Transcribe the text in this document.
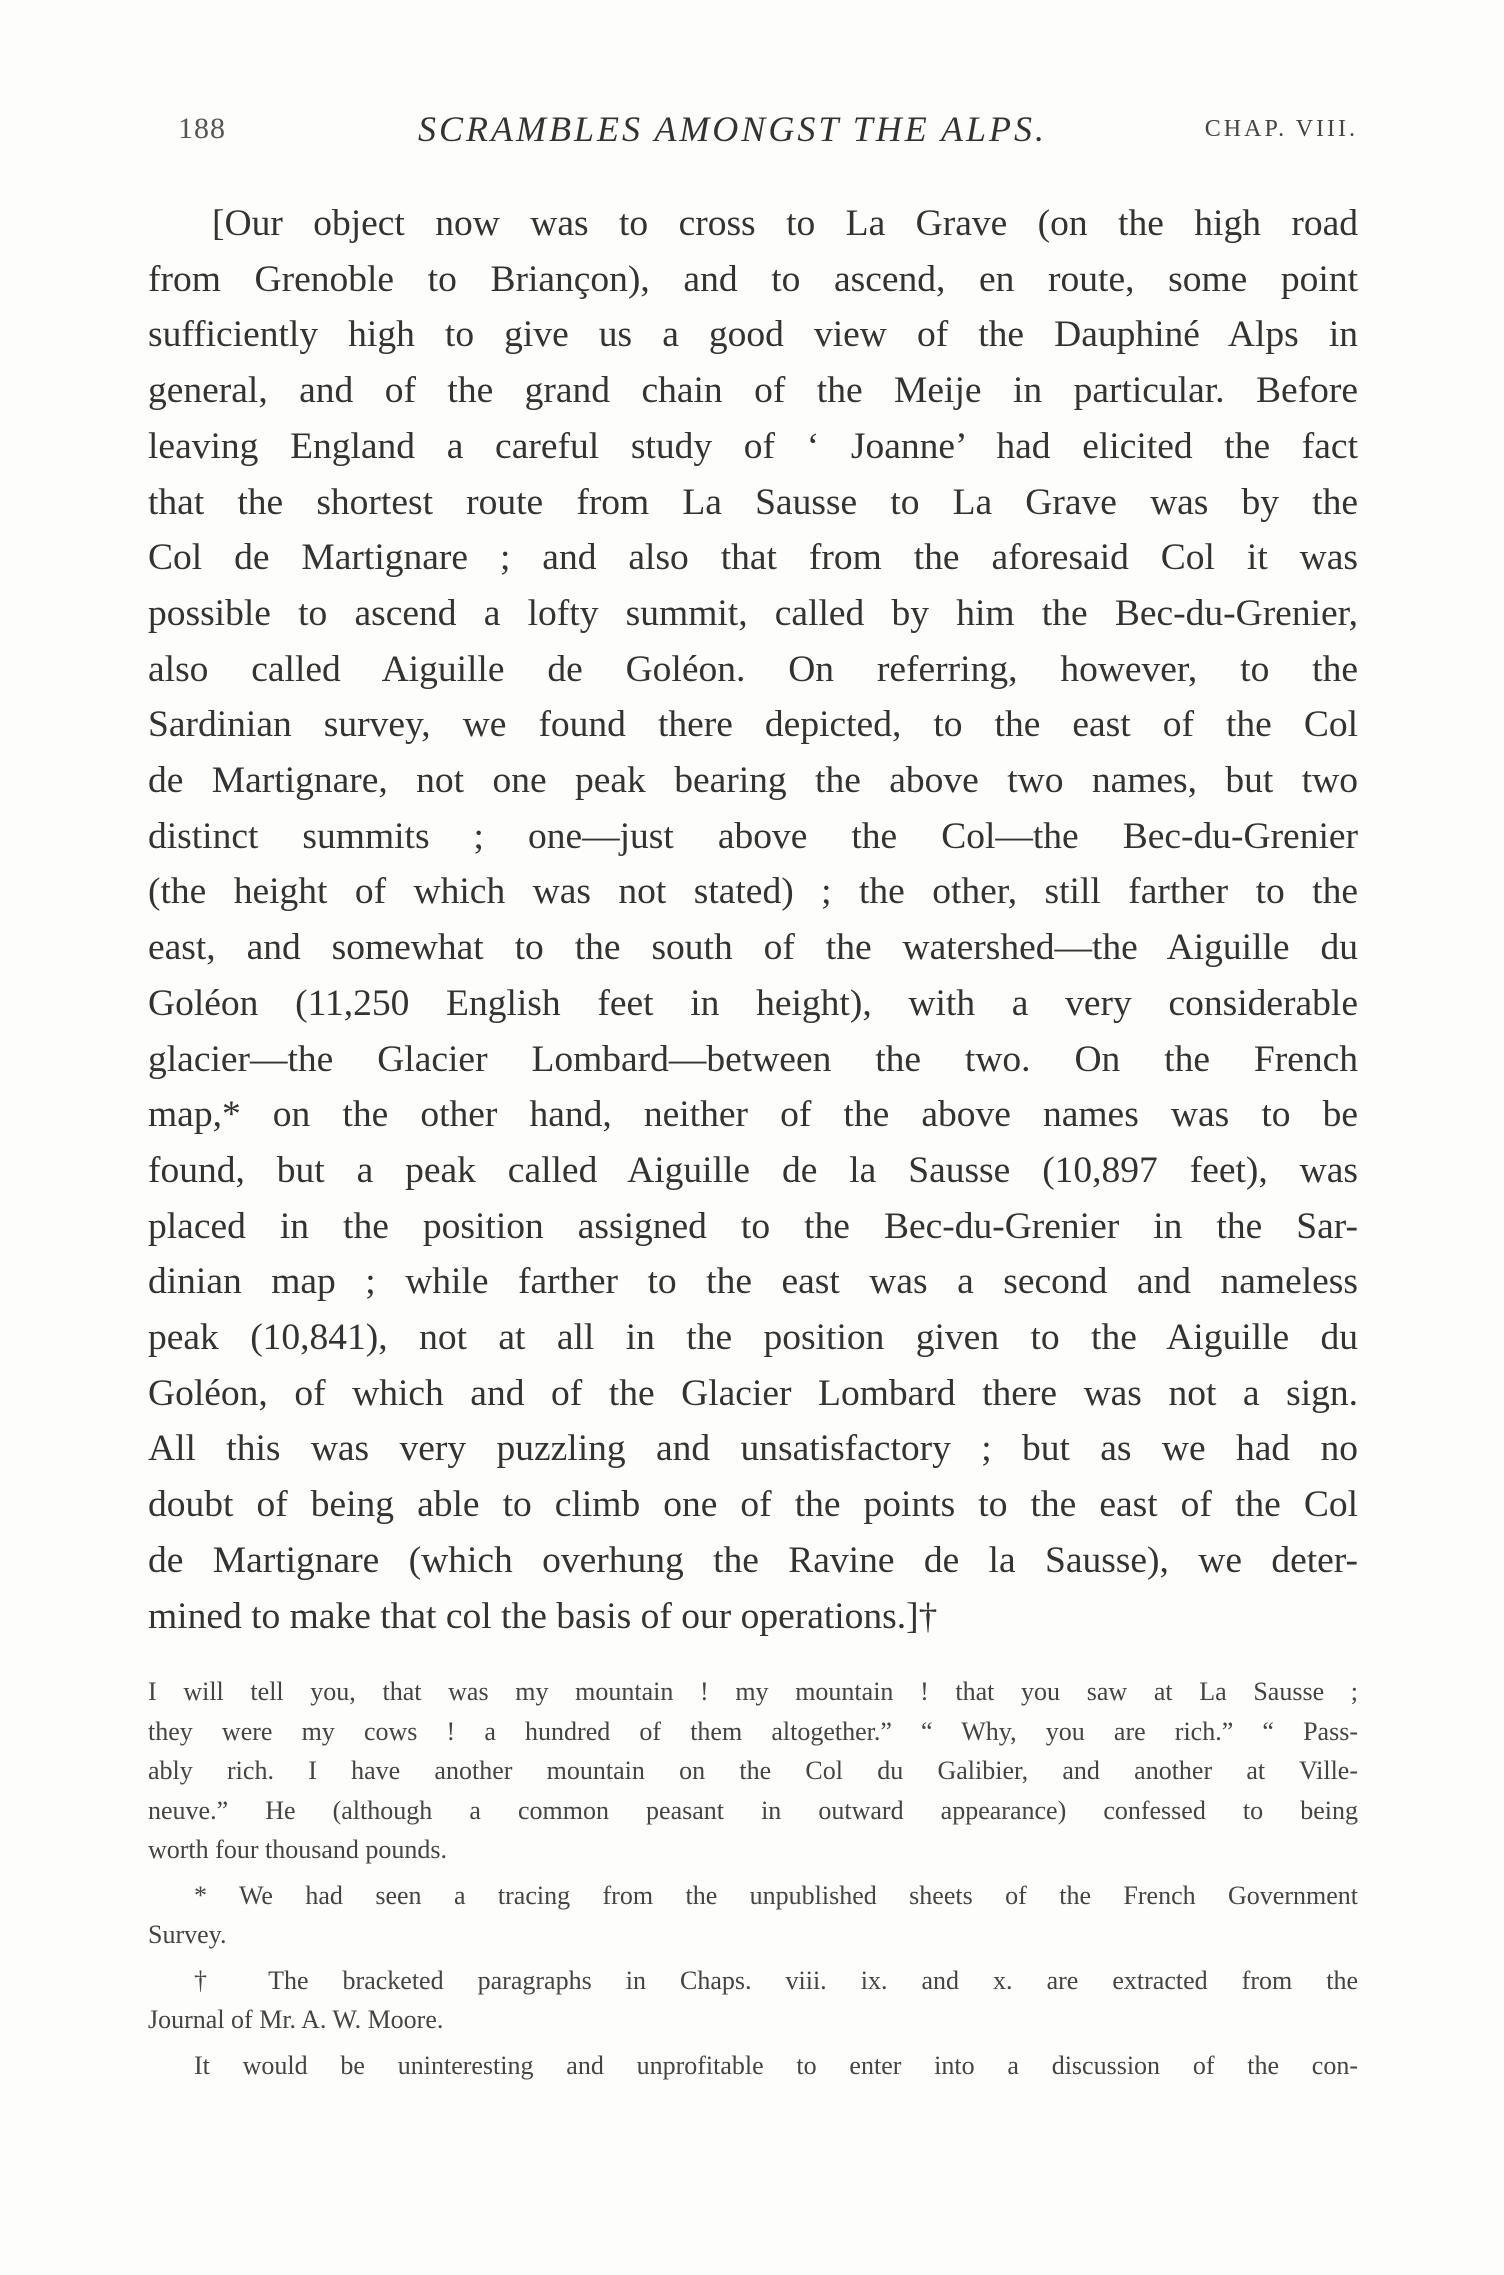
188	SCRAMBLES AMONGST THE ALPS.	CHAP. VIII.
[Our object now was to cross to La Grave (on the high road
from Grenoble to Briançon), and to ascend, en route, some point
sufficiently high to give us a good view of the Dauphiné Alps in
general, and of the grand chain of the Meije in particular. Before
leaving England a careful study of ‘ Joanne’ had elicited the fact
that the shortest route from La Sausse to La Grave was by the
Col de Martignare ; and also that from the aforesaid Col it was
possible to ascend a lofty summit, called by him the Bec-du-Grenier,
also called Aiguille de Goléon. On referring, however, to the
Sardinian survey, we found there depicted, to the east of the Col
de Martignare, not one peak bearing the above two names, but two
distinct summits ; one—just above the Col—the Bec-du-Grenier
(the height of which was not stated) ; the other, still farther to the
east, and somewhat to the south of the watershed—the Aiguille du
Goléon (11,250 English feet in height), with a very considerable
glacier—the Glacier Lombard—between the two. On the French
map,* on the other hand, neither of the above names was to be
found, but a peak called Aiguille de la Sausse (10,897 feet), was
placed in the position assigned to the Bec-du-Grenier in the Sar-
dinian map ; while farther to the east was a second and nameless
peak (10,841), not at all in the position given to the Aiguille du
Goléon, of which and of the Glacier Lombard there was not a sign.
All this was very puzzling and unsatisfactory ; but as we had no
doubt of being able to climb one of the points to the east of the Col
de Martignare (which overhung the Ravine de la Sausse), we deter-
mined to make that col the basis of our operations.]†
I will tell you, that was my mountain ! my mountain ! that you saw at La Sausse ;
they were my cows ! a hundred of them altogether.” “ Why, you are rich.” “ Pass-
ably rich. I have another mountain on the Col du Galibier, and another at Ville-
neuve.” He (although a common peasant in outward appearance) confessed to being
worth four thousand pounds.
* We had seen a tracing from the unpublished sheets of the French Government
Survey.
† The bracketed paragraphs in Chaps. viii. ix. and x. are extracted from the
Journal of Mr. A. W. Moore.
It would be uninteresting and unprofitable to enter into a discussion of the con-
